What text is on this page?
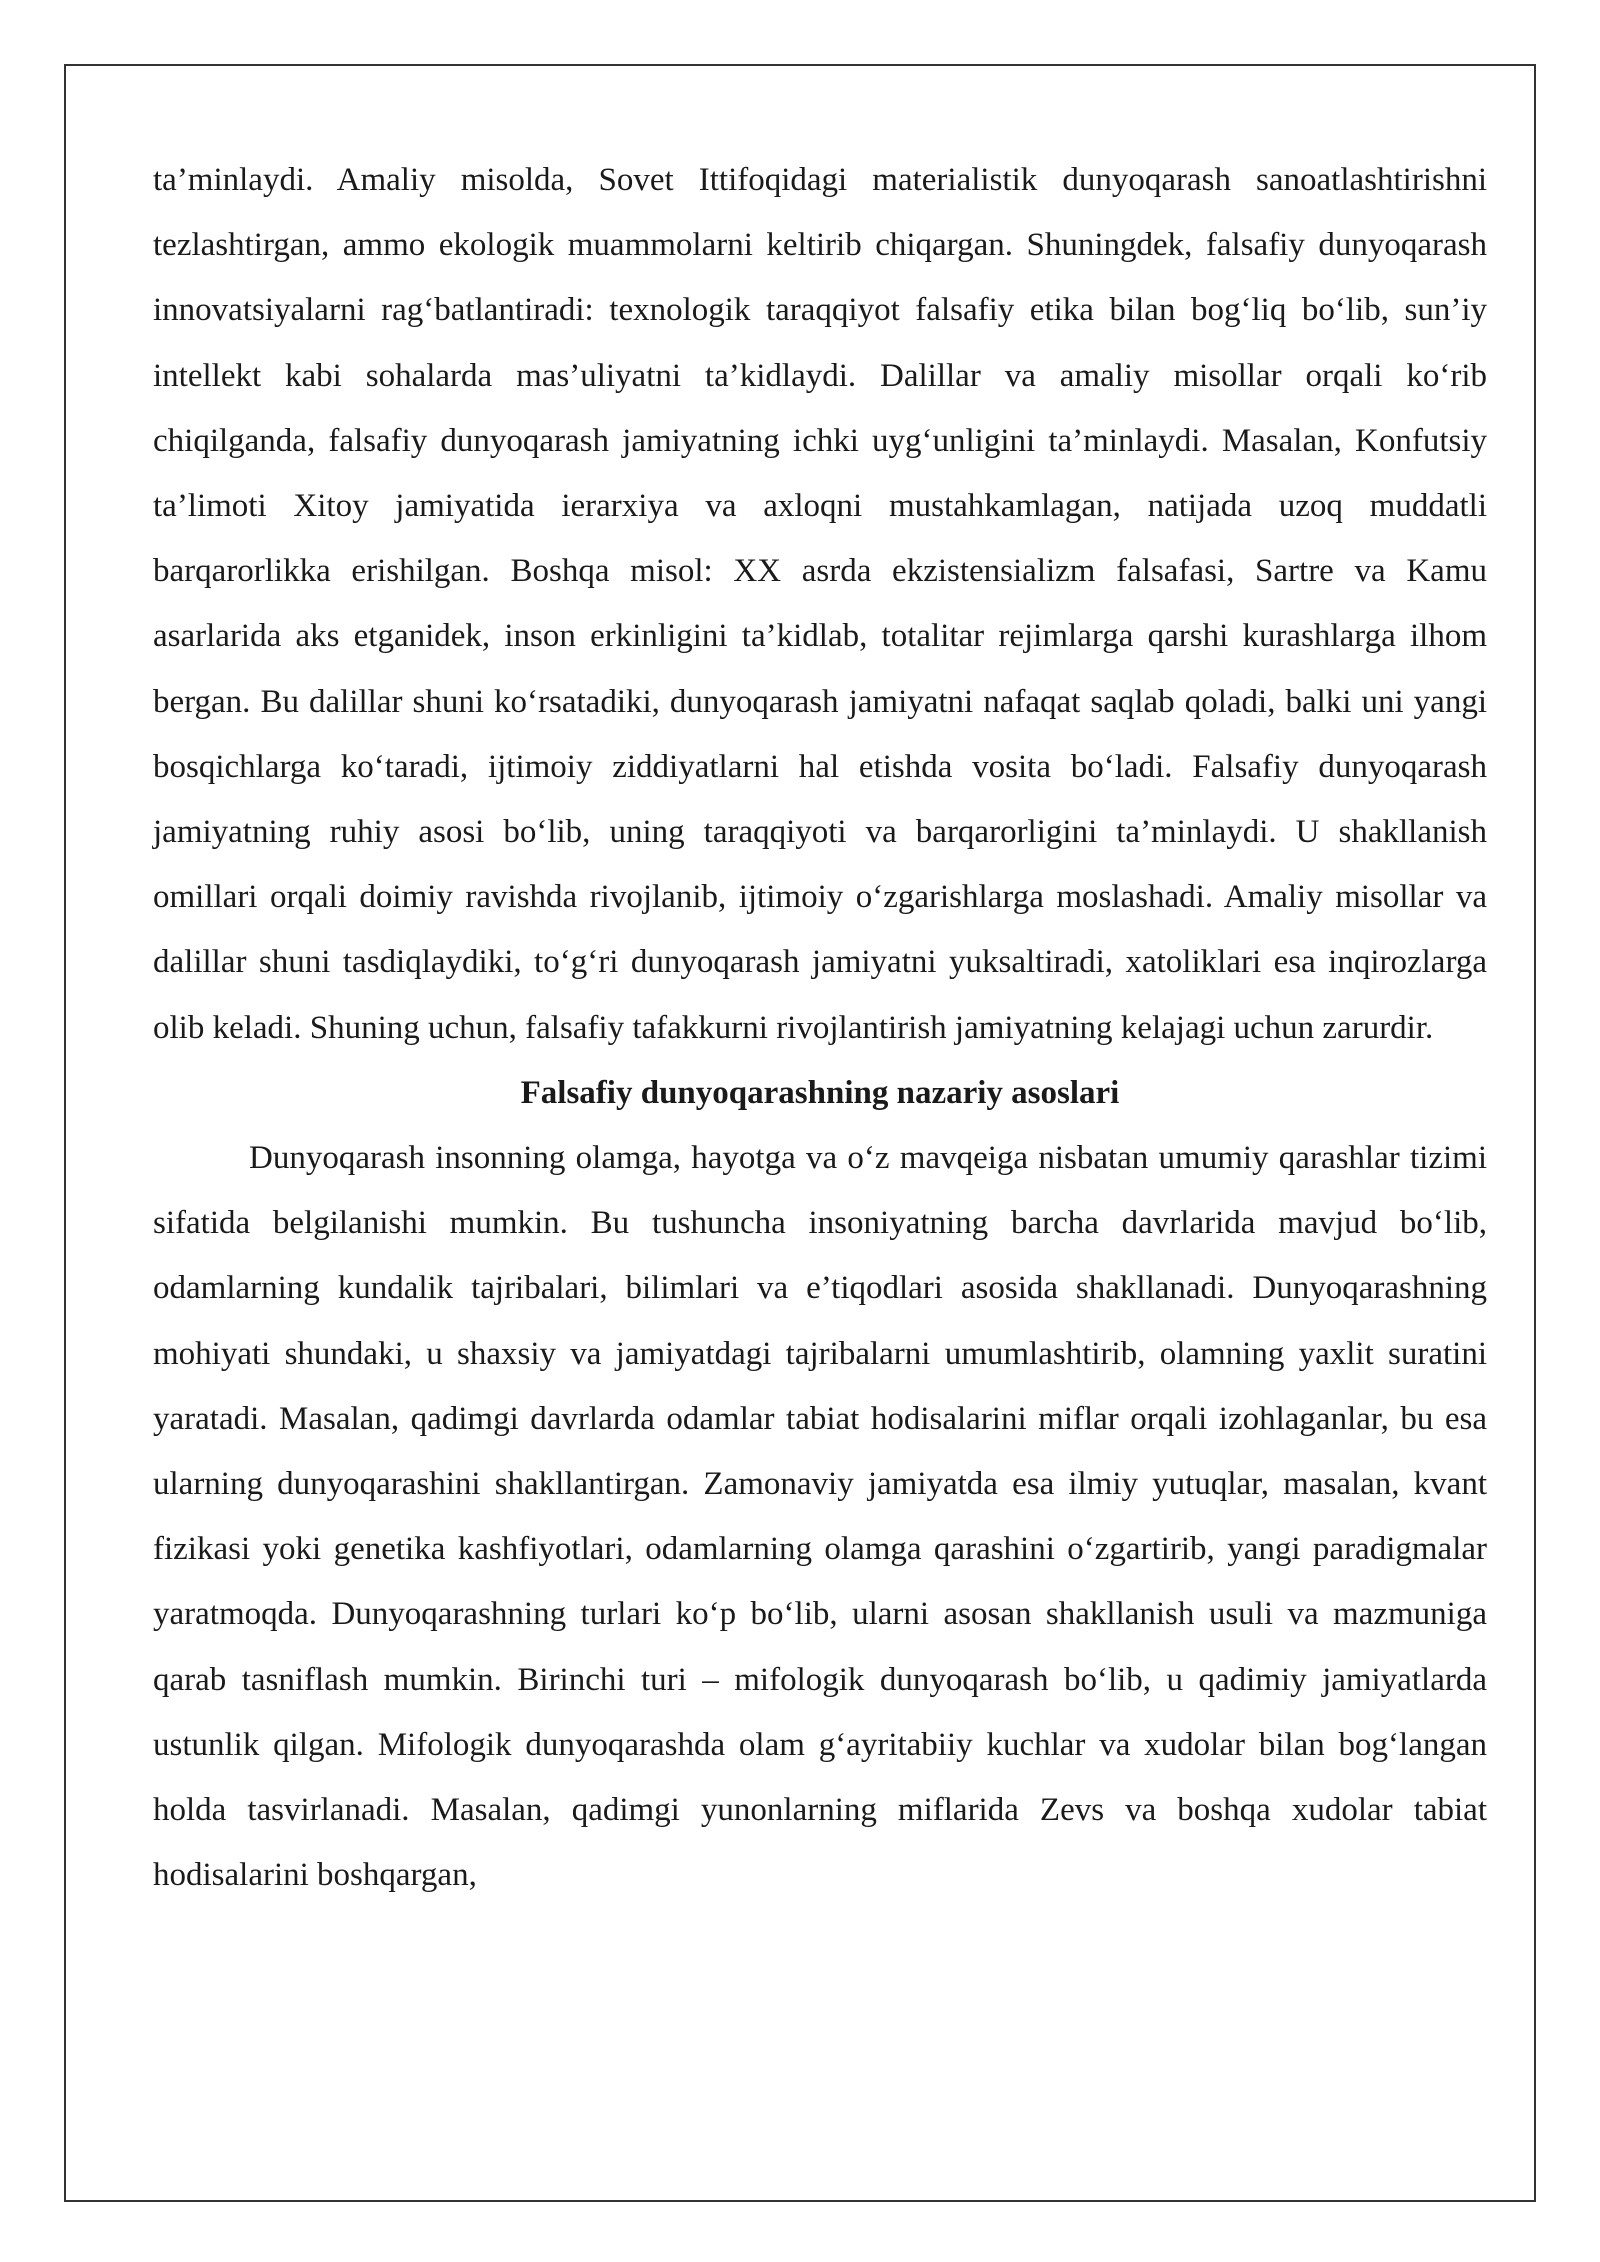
ta’minlaydi. Amaliy misolda, Sovet Ittifoqidagi materialistik dunyoqarash sanoatlashtirishni tezlashtirgan, ammo ekologik muammolarni keltirib chiqargan. Shuningdek, falsafiy dunyoqarash innovatsiyalarni rag‘batlantiradi: texnologik taraqqiyot falsafiy etika bilan bog‘liq bo‘lib, sun’iy intellekt kabi sohalarda mas’uliyatni ta’kidlaydi. Dalillar va amaliy misollar orqali ko‘rib chiqilganda, falsafiy dunyoqarash jamiyatning ichki uyg‘unligini ta’minlaydi. Masalan, Konfutsiy ta’limoti Xitoy jamiyatida ierarxiya va axloqni mustahkamlagan, natijada uzoq muddatli barqarorlikka erishilgan. Boshqa misol: XX asrda ekzistensializm falsafasi, Sartre va Kamu asarlarida aks etganidek, inson erkinligini ta’kidlab, totalitar rejimlarga qarshi kurashlarga ilhom bergan. Bu dalillar shuni ko‘rsatadiki, dunyoqarash jamiyatni nafaqat saqlab qoladi, balki uni yangi bosqichlarga ko‘taradi, ijtimoiy ziddiyatlarni hal etishda vosita bo‘ladi. Falsafiy dunyoqarash jamiyatning ruhiy asosi bo‘lib, uning taraqqiyoti va barqarorligini ta’minlaydi. U shakllanish omillari orqali doimiy ravishda rivojlanib, ijtimoiy o‘zgarishlarga moslashadi. Amaliy misollar va dalillar shuni tasdiqlaydiki, to‘g‘ri dunyoqarash jamiyatni yuksaltiradi, xatoliklari esa inqirozlarga olib keladi. Shuning uchun, falsafiy tafakkurni rivojlantirish jamiyatning kelajagi uchun zarurdir.

Falsafiy dunyoqarashning nazariy asoslari

Dunyoqarash insonning olamga, hayotga va o‘z mavqeiga nisbatan umumiy qarashlar tizimi sifatida belgilanishi mumkin. Bu tushuncha insoniyatning barcha davrlarida mavjud bo‘lib, odamlarning kundalik tajribalari, bilimlari va e’tiqodlari asosida shakllanadi. Dunyoqarashning mohiyati shundaki, u shaxsiy va jamiyatdagi tajribalarni umumlashtirib, olamning yaxlit suratini yaratadi. Masalan, qadimgi davrlarda odamlar tabiat hodisalarini miflar orqali izohlaganlar, bu esa ularning dunyoqarashini shakllantirgan. Zamonaviy jamiyatda esa ilmiy yutuqlar, masalan, kvant fizikasi yoki genetika kashfiyotlari, odamlarning olamga qarashini o‘zgartirib, yangi paradigmalar yaratmoqda. Dunyoqarashning turlari ko‘p bo‘lib, ularni asosan shakllanish usuli va mazmuniga qarab tasniflash mumkin. Birinchi turi – mifologik dunyoqarash bo‘lib, u qadimiy jamiyatlarda ustunlik qilgan. Mifologik dunyoqarashda olam g‘ayritabiiy kuchlar va xudolar bilan bog‘langan holda tasvirlanadi. Masalan, qadimgi yunonlarning miflarida Zevs va boshqa xudolar tabiat hodisalarini boshqargan,
